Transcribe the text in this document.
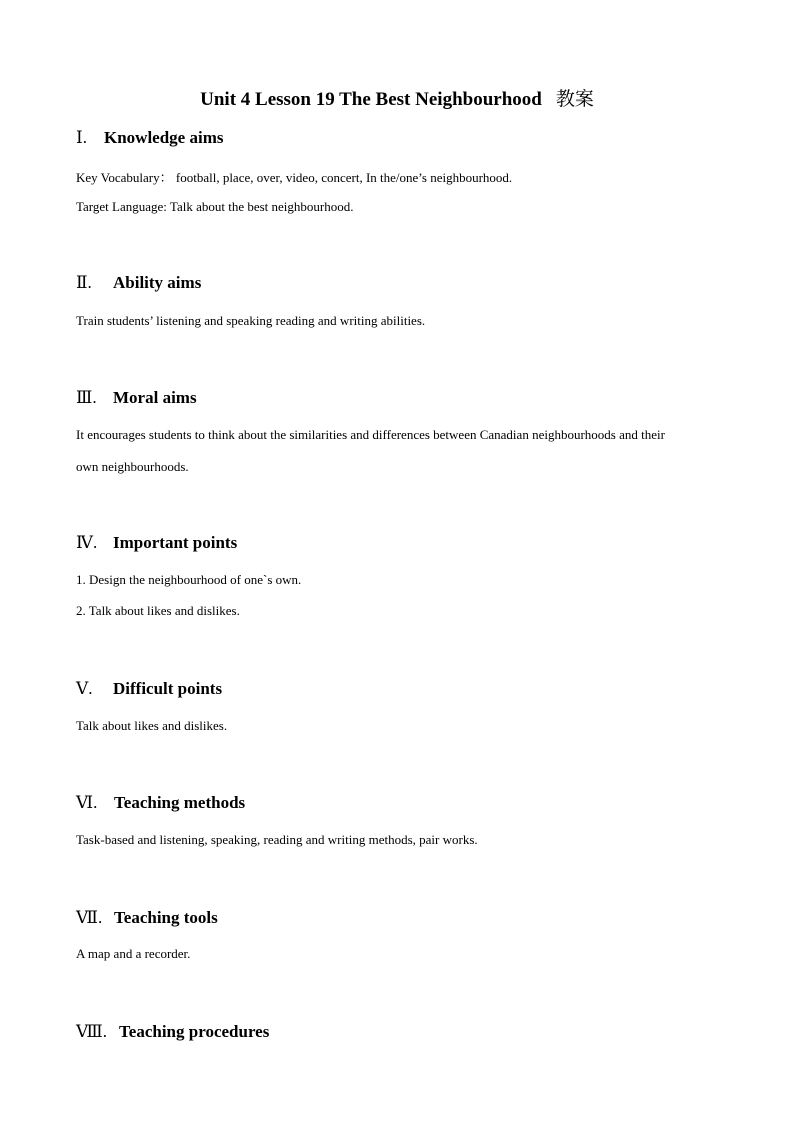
Unit 4 Lesson 19 The Best Neighbourhood 教案
Ⅰ.	Knowledge aims
Key Vocabulary： football, place, over, video, concert, In the/one’s neighbourhood.
Target Language: Talk about the best neighbourhood.
Ⅱ.	Ability aims
Train students’ listening and speaking reading and writing abilities.
Ⅲ. Moral aims
It encourages students to think about the similarities and differences between Canadian neighbourhoods and their
own neighbourhoods.
Ⅳ. Important points
1. Design the neighbourhood of one`s own.
2. Talk about likes and dislikes.
Ⅴ.	Difficult points
Talk about likes and dislikes.
Ⅵ. Teaching methods
Task-based and listening, speaking, reading and writing methods, pair works.
Ⅶ. Teaching tools
A map and a recorder.
Ⅷ. Teaching procedures
